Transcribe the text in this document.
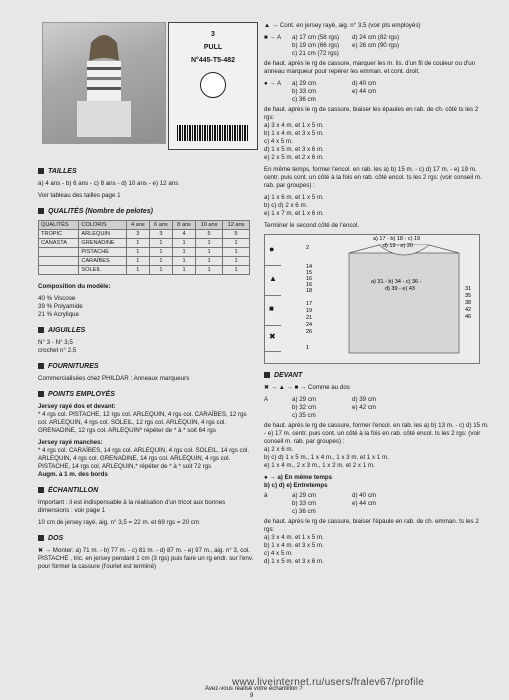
3
PULL
N°445-T5-482
TAILLES

a) 4 ans - b) 6 ans - c) 8 ans - d) 10 ans - e) 12 ans

Voir tableau des tailles page 1

QUALITÉS (Nombre de pelotes)
QUALITÉS	COLORIS	4 ans	6 ans	8 ans	10 ans	12 ans
TROPIC	ARLEQUIN	3	3	4	5	5
CANASTA	GRENADINE	1	1	1	1	1
	PISTACHE	1	1	1	1	1
	CARAÏBES	1	1	1	1	1
	SOLEIL	1	1	1	1	1

Composition du modèle:

40 % Viscose

39 % Polyamide

21 % Acrylique

AIGUILLES

N° 3 - N° 3,5

crochet n° 2,5

FOURNITURES

Commercialisées chez PHILDAR : Anneaux marqueurs

POINTS EMPLOYÉS

Jersey rayé dos et devant:

* 4 rgs col. PISTACHE, 12 rgs col. ARLEQUIN, 4 rgs col. CARAÏBES, 12 rgs col. ARLEQUIN, 4 rgs col. SOLEIL, 12 rgs col. ARLEQUIN, 4 rgs col. GRENADINE, 12 rgs col. ARLEQUIN* répéter de * à * soit 64 rgs

Jersey rayé manches:

* 4 rgs col. CARAÏBES, 14 rgs col. ARLEQUIN, 4 rgs col. SOLEIL, 14 rgs col. ARLEQUIN, 4 rgs col. GRENADINE, 14 rgs col. ARLEQUIN, 4 rgs col. PISTACHE, 14 rgs col. ARLEQUIN,* répéter de * à * soit 72 rgs

Augm. à 1 m. des bords

ÉCHANTILLON

Important : il est indispensable à la réalisation d'un tricot aux bonnes dimensions : voir page 1

10 cm de jersey rayé, aig. n° 3,5 = 22 m. et 69 rgs = 20 cm

DOS

✖ → Monter: a) 71 m. - b) 77 m. - c) 81 m. - d) 87 m. - e) 97 m., aig. n° 3, col. PISTACHE , tric. en jersey pendant 1 cm (3 rgs) puis faire un rg endr. sur l'env. pour former la cassure (l'ourlet est terminé)

▲ → Cont. en jersey rayé, aig. n° 3,5 (voir pts employés)

■ → A	a) 17 cm (58 rgs) d) 24 cm (82 rgs)
b) 19 cm (66 rgs) e) 26 cm (90 rgs)
c) 21 cm (72 rgs)

de haut. après le rg de cassure, marquer les m. lis. d'un fil de couleur ou d'un anneau marqueur pour repérer les emman. et cont. droit.

● → A	a) 29 cm	d) 40 cm
b) 33 cm	e) 44 cm
c) 36 cm

de haut. après le rg de cassure, biaiser les épaules en rab. de ch. côté ts les 2 rgs:

a) 3 x 4 m. et 1 x 5 m.

b) 1 x 4 m. et 3 x 5 m.

c) 4 x 5 m.

d) 1 x 5 m. et 3 x 6 m.

e) 2 x 5 m. et 2 x 6 m.

En même temps, former l'encol. en rab. les a) b) 15 m. - c) d) 17 m. - e) 19 m. centr. puis cont. un côté à la fois en rab. côté encol. ts les 2 rgs: (voir conseil m. rab. par groupes) :

a) 1 x 6 m. et 1 x 5 m.

b) c) d) 2 x 6 m.

e) 1 x 7 m. et 1 x 6 m.

Terminer le second côté de l'encol.

●
▲
■
✖
a) 17 - b) 18 - c) 19
d) 19 - e) 20
a) 31 - b) 34 - c) 36 -
d) 39 - e) 43
2
14
15
16
16
18
17
19
21
24
26
1
31
35
38
42
46
DEVANT

✖ → ▲ → ■ → Comme au dos

A	a) 29 cm	d) 39 cm
b) 32 cm	e) 42 cm
c) 35 cm

de haut. après le rg de cassure, former l'encol. en rab. les a) b) 13 m. - c) d) 15 m. - e) 17 m. centr. puis cont. un côté à la fois en rab. côté encol. ts les 2 rgs: (voir conseil m. rab. par groupes) :

a) 2 x 6 m.

b) c) d) 1 x 5 m., 1 x 4 m., 1 x 3 m. et 1 x 1 m.

e) 1 x 4 m., 2 x 3 m., 1 x 2 m. et 2 x 1 m.

● → a) En même temps

b) c) d) e) Entretemps

à	a) 29 cm	d) 40 cm
b) 33 cm	e) 44 cm
c) 36 cm

de haut. après le rg de cassure, biaiser l'épaule en rab. de ch. emman. ts les 2 rgs:

a) 3 x 4 m. et 1 x 5 m.

b) 1 x 4 m. et 3 x 5 m.

c) 4 x 5 m.

d) 1 x 5 m. et 3 x 6 m.

Avez-vous réalisé votre échantillon ?
9
www.liveinternet.ru/users/fralev67/profile
